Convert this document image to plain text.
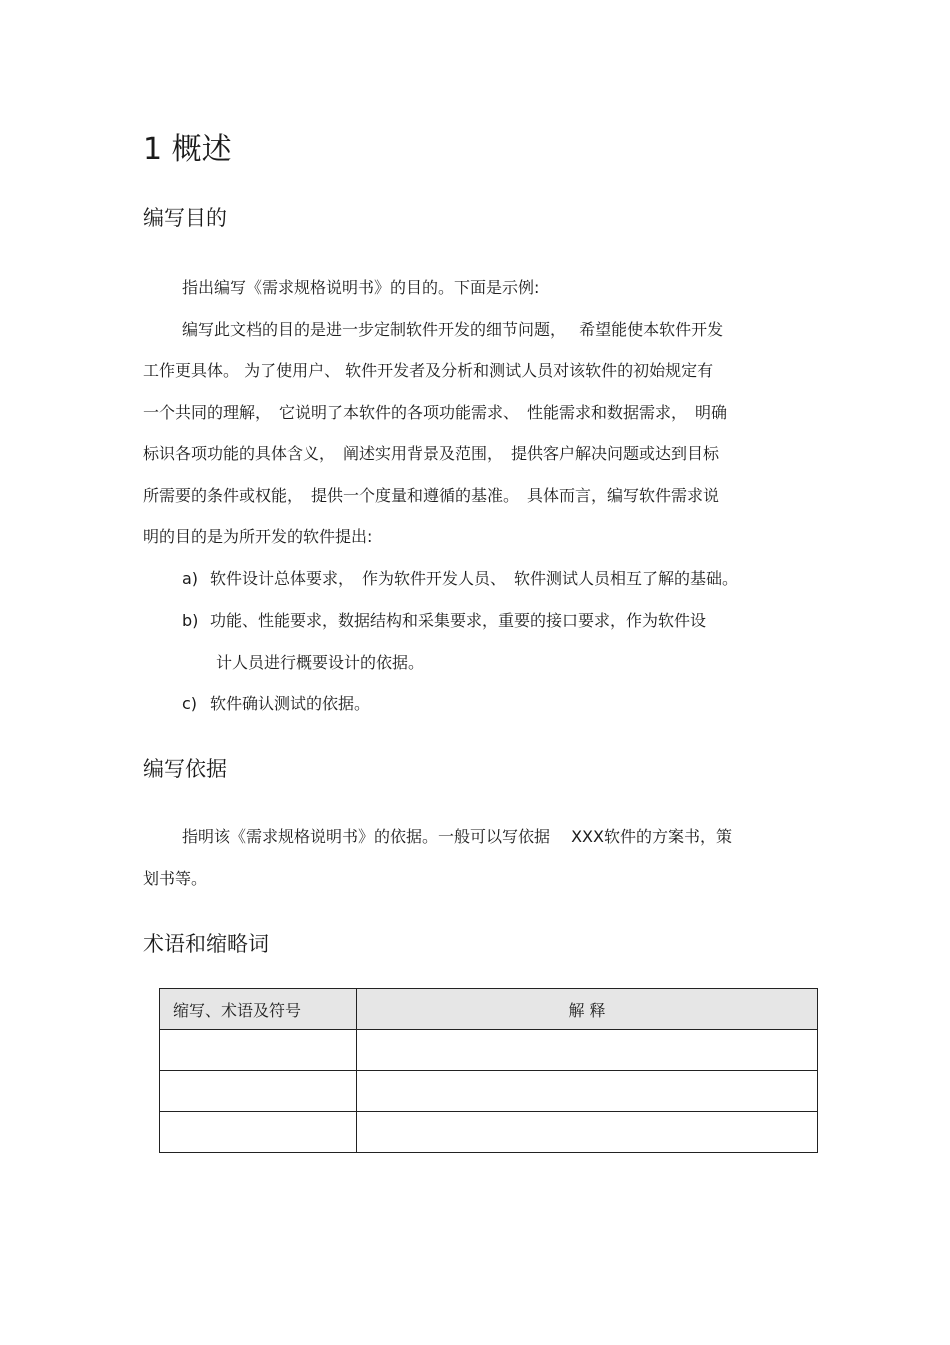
1 概述
编写目的
指出编写《需求规格说明书》的目的。下面是示例:
编写此文档的目的是进一步定制软件开发的细节问题，　 希望能使本软件开发
工作更具体。 为了使用户、 软件开发者及分析和测试人员对该软件的初始规定有
一个共同的理解，　它说明了本软件的各项功能需求、　性能需求和数据需求，　明确
标识各项功能的具体含义，　阐述实用背景及范围，　提供客户解决问题或达到目标
所需要的条件或权能，　提供一个度量和遵循的基准。　具体而言，编写软件需求说
明的目的是为所开发的软件提出:
a) 软件设计总体要求，　作为软件开发人员、　软件测试人员相互了解的基础。
b) 功能、性能要求，数据结构和采集要求，重要的接口要求，作为软件设
计人员进行概要设计的依据。
c) 软件确认测试的依据。
编写依据
指明该《需求规格说明书》的依据。一般可以写依据　 XXX软件的方案书，策
划书等。
术语和缩略词
缩写、术语及符号	解 释
